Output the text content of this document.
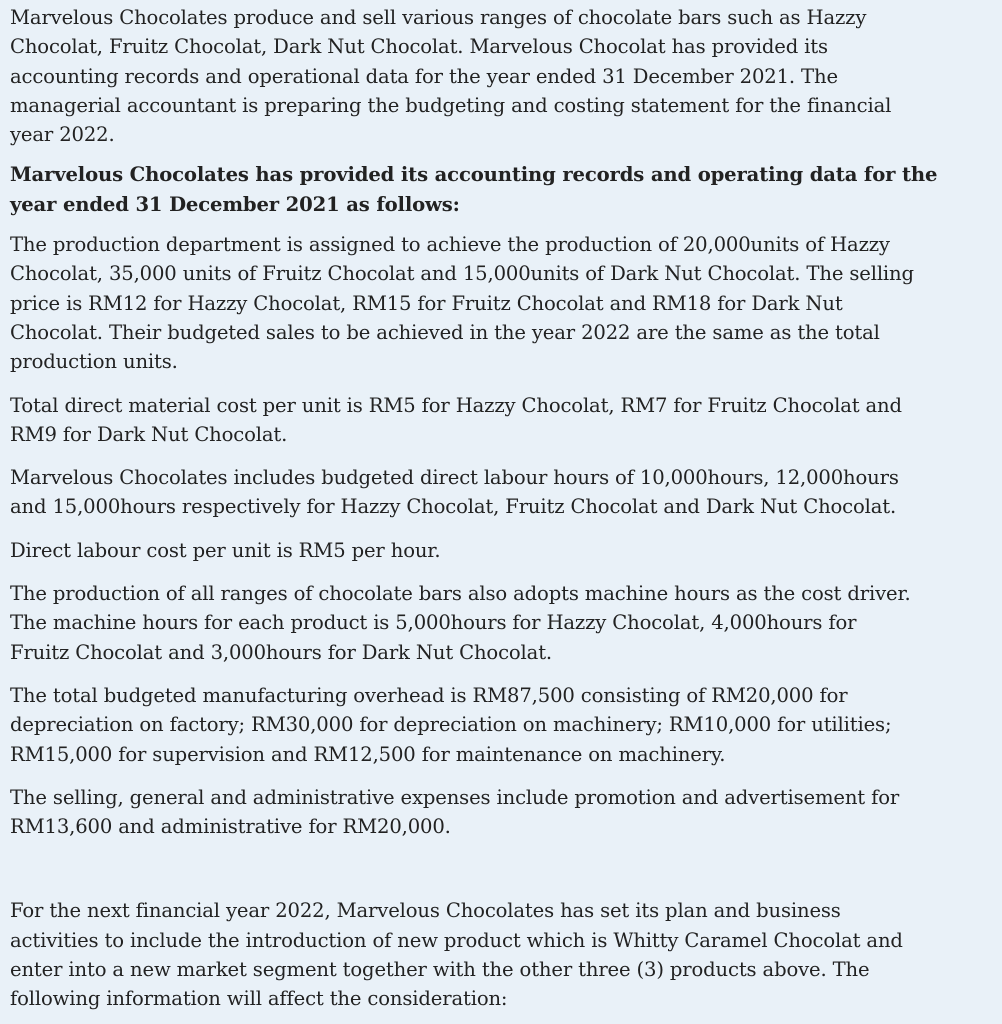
Marvelous Chocolates produce and sell various ranges of chocolate bars such as Hazzy
Chocolat, Fruitz Chocolat, Dark Nut Chocolat. Marvelous Chocolat has provided its
accounting records and operational data for the year ended 31 December 2021. The
managerial accountant is preparing the budgeting and costing statement for the financial
year 2022.

Marvelous Chocolates has provided its accounting records and operating data for the
year ended 31 December 2021 as follows:

The production department is assigned to achieve the production of 20,000units of Hazzy
Chocolat, 35,000 units of Fruitz Chocolat and 15,000units of Dark Nut Chocolat. The selling
price is RM12 for Hazzy Chocolat, RM15 for Fruitz Chocolat and RM18 for Dark Nut
Chocolat. Their budgeted sales to be achieved in the year 2022 are the same as the total
production units.

Total direct material cost per unit is RM5 for Hazzy Chocolat, RM7 for Fruitz Chocolat and
RM9 for Dark Nut Chocolat.

Marvelous Chocolates includes budgeted direct labour hours of 10,000hours, 12,000hours
and 15,000hours respectively for Hazzy Chocolat, Fruitz Chocolat and Dark Nut Chocolat.

Direct labour cost per unit is RM5 per hour.

The production of all ranges of chocolate bars also adopts machine hours as the cost driver.
The machine hours for each product is 5,000hours for Hazzy Chocolat, 4,000hours for
Fruitz Chocolat and 3,000hours for Dark Nut Chocolat.

The total budgeted manufacturing overhead is RM87,500 consisting of RM20,000 for
depreciation on factory; RM30,000 for depreciation on machinery; RM10,000 for utilities;
RM15,000 for supervision and RM12,500 for maintenance on machinery.

The selling, general and administrative expenses include promotion and advertisement for
RM13,600 and administrative for RM20,000.

For the next financial year 2022, Marvelous Chocolates has set its plan and business
activities to include the introduction of new product which is Whitty Caramel Chocolat and
enter into a new market segment together with the other three (3) products above. The
following information will affect the consideration:
